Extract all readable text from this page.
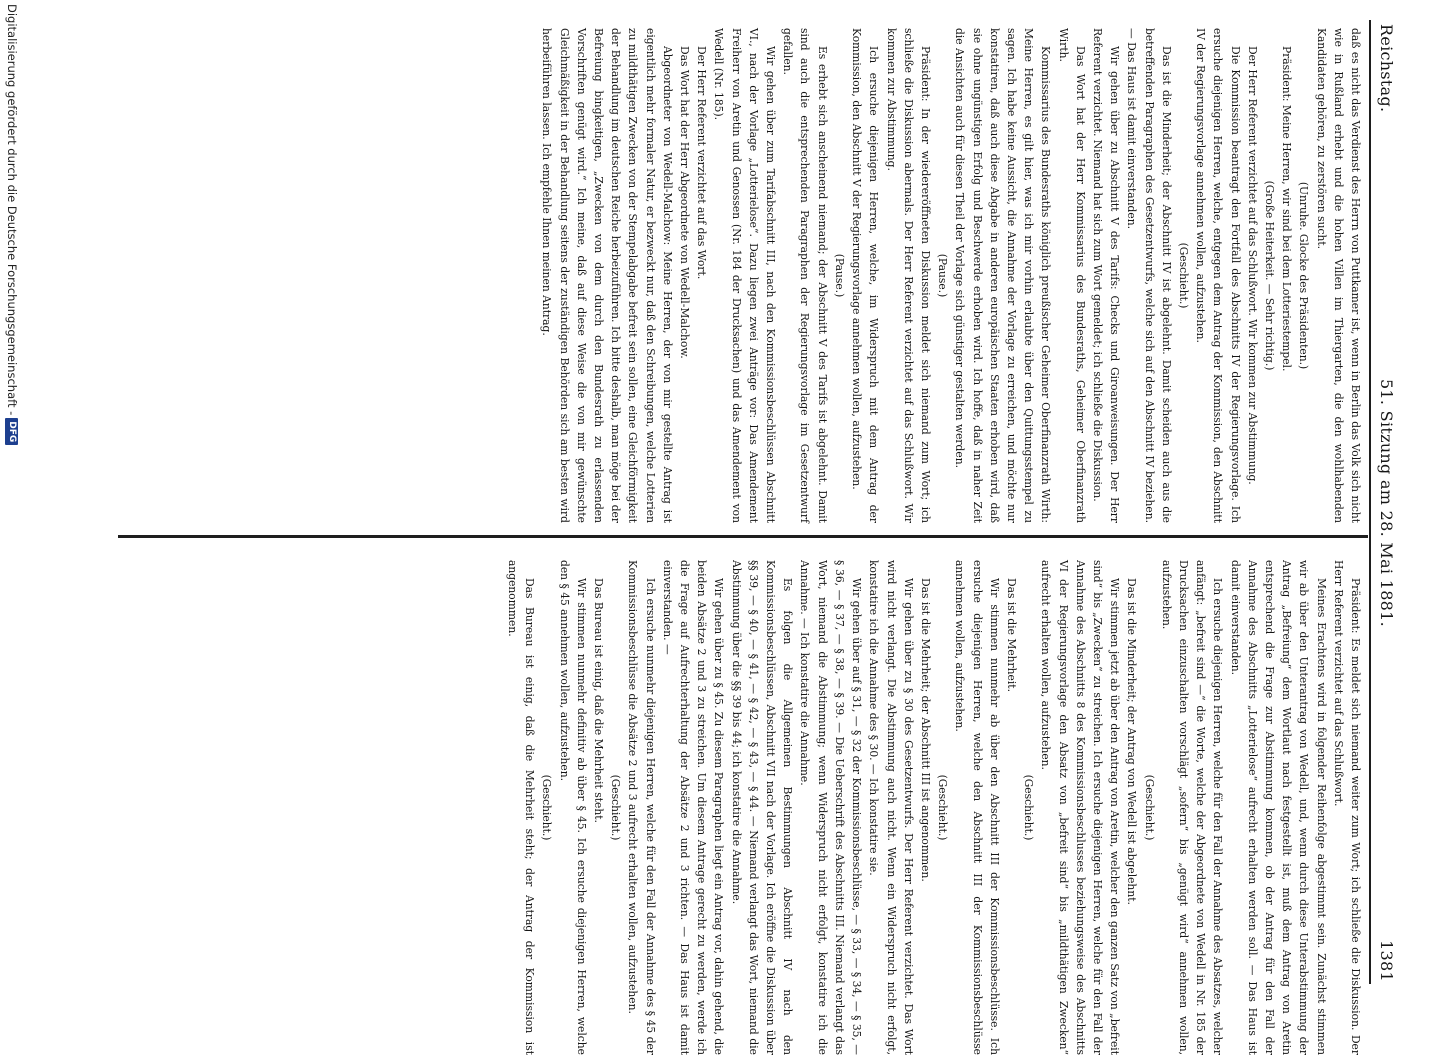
Reichstag.
51. Sitzung am 28. Mai 1881.
1381

daß es nicht das Verdienst des Herrn von Puttkamer ist, wenn in Berlin das Volk sich nicht wie in Rußland erhebt und die hohen Villen im Thiergarten, die den wohlhabenden Kandidaten gehören, zu zerstören sucht.

(Unruhe. Glocke des Präsidenten.)

Präsident: Meine Herren, wir sind bei dem Lotteriestempel.

(Große Heiterkeit. — Sehr richtig.)

Der Herr Referent verzichtet auf das Schlußwort. Wir kommen zur Abstimmung.

Die Kommission beantragt den Fortfall des Abschnitts IV der Regierungsvorlage. Ich ersuche diejenigen Herren, welche, entgegen dem Antrag der Kommission, den Abschnitt IV der Regierungsvorlage annehmen wollen, aufzustehen.

(Geschieht.)

Das ist die Minderheit; der Abschnitt IV ist abgelehnt. Damit scheiden auch aus die betreffenden Paragraphen des Gesetzentwurfs, welche sich auf den Abschnitt IV beziehen. — Das Haus ist damit einverstanden.

Wir gehen über zu Abschnitt V des Tarifs: Checks und Giroanweisungen. Der Herr Referent verzichtet. Niemand hat sich zum Wort gemeldet; ich schließe die Diskussion.

Das Wort hat der Herr Kommissarius des Bundesraths, Geheimer Oberfinanzrath Wirth.

Kommissarius des Bundesraths königlich preußischer Geheimer Oberfinanzrath Wirth: Meine Herren, es gilt hier, was ich mir vorhin erlaubte über den Quittungsstempel zu sagen. Ich habe keine Aussicht, die Annahme der Vorlage zu erreichen, und möchte nur konstatiren, daß auch diese Abgabe in anderen europäischen Staaten erhoben wird, daß sie ohne ungünstigen Erfolg und Beschwerde erhoben wird. Ich hoffe, daß in naher Zeit die Ansichten auch für diesen Theil der Vorlage sich günstiger gestalten werden.

(Pause.)

Präsident: In der wiedereröffneten Diskussion meldet sich niemand zum Wort; ich schließe die Diskussion abermals. Der Herr Referent verzichtet auf das Schlußwort. Wir kommen zur Abstimmung.

Ich ersuche diejenigen Herren, welche, im Widerspruch mit dem Antrag der Kommission, den Abschnitt V der Regierungsvorlage annehmen wollen, aufzustehen.

(Pause.)

Es erhebt sich anscheinend niemand; der Abschnitt V des Tarifs ist abgelehnt. Damit sind auch die entsprechenden Paragraphen der Regierungsvorlage im Gesetzentwurf gefallen.

Wir gehen über zum Tarifabschnitt III, nach den Kommissionsbeschlüssen Abschnitt VI., nach der Vorlage „Lotterielose“. Dazu liegen zwei Anträge vor: Das Amendement Freiherr von Aretin und Genossen (Nr. 184 der Drucksachen) und das Amendement von Wedell (Nr. 185).

Der Herr Referent verzichtet auf das Wort.

Das Wort hat der Herr Abgeordnete von Wedell-Malchow.

Abgeordneter von Wedell-Malchow: Meine Herren, der von mir gestellte Antrag ist eigentlich mehr formaler Natur, er bezweckt nur, daß den Schreibungen, welche Lotterien zu mildthätigen Zwecken von der Stempelabgabe befreit sein sollen, eine Gleichförmigkeit der Behandlung im deutschen Reiche herbeizuführen. Ich bitte deshalb, man möge bei der Befreiung bingkeitigen, „Zwecken von dem durch den Bundesrath zu erlassenden Vorschriften genügt wird.“ Ich meine, daß auf diese Weise die von mir gewünschte Gleichmäßigkeit in der Behandlung seitens der zuständigen Behörden sich am besten wird herbeiführen lassen. Ich empfehle Ihnen meinen Antrag.

Präsident: Es meldet sich niemand weiter zum Wort; ich schließe die Diskussion. Der Herr Referent verzichtet auf das Schlußwort.

Meines Erachtens wird in folgender Reihenfolge abgestimmt sein. Zunächst stimmen wir ab über den Unterantrag von Wedell, und, wenn durch diese Unterabstimmung der Antrag „Befreiung“ dem Wortlaut nach festgestellt ist, muß dem Antrag von Aretin entsprechend die Frage zur Abstimmung kommen, ob der Antrag für den Fall der Annahme des Abschnitts „Lotterielose“ aufrecht erhalten werden soll. — Das Haus ist damit einverstanden.

Ich ersuche diejenigen Herren, welche für den Fall der Annahme des Absatzes, welcher anfängt: „befreit sind —“ die Worte, welche der Abgeordnete von Wedell in Nr. 185 der Drucksachen einzuschalten vorschlägt „sofern“ bis „genügt wird“ annehmen wollen, aufzustehen.

(Geschieht.)

Das ist die Minderheit; der Antrag von Wedell ist abgelehnt.

Wir stimmen jetzt ab über den Antrag von Aretin, welcher den ganzen Satz von „befreit sind“ bis „Zwecken“ zu streichen. Ich ersuche diejenigen Herren, welche für den Fall der Annahme des Abschnitts 8 des Kommissionsbeschlusses beziehungsweise des Abschnitts VI der Regierungsvorlage den Absatz von „befreit sind“ bis „mildthätigen Zwecken“ aufrecht erhalten wollen, aufzustehen.

(Geschieht.)

Das ist die Mehrheit.

Wir stimmen nunmehr ab über den Abschnitt III der Kommissionsbeschlüsse. Ich ersuche diejenigen Herren, welche den Abschnitt III der Kommissionsbeschlüsse annehmen wollen, aufzustehen.

(Geschieht.)

Das ist die Mehrheit; der Abschnitt III ist angenommen.

Wir gehen über zu § 30 des Gesetzentwurfs. Der Herr Referent verzichtet. Das Wort wird nicht verlangt. Die Abstimmung auch nicht. Wenn ein Widerspruch nicht erfolgt, konstatire ich die Annahme des § 30. — Ich konstatire sie.

Wir gehen über auf § 31, — § 32 der Kommissionsbeschlüsse, — § 33, — § 34, — § 35, — § 36, — § 37, — § 38, — § 39. — Die Ueberschrift des Abschnitts III. Niemand verlangt das Wort, niemand die Abstimmung; wenn Widerspruch nicht erfolgt, konstatire ich die Annahme. — Ich konstatire die Annahme.

Es folgen die Allgemeinen Bestimmungen Abschnitt IV nach den Kommissionsbeschlüssen, Abschnitt VII nach der Vorlage. Ich eröffne die Diskussion über §§ 39, — § 40, — § 41, — § 42, — § 43, — § 44. — Niemand verlangt das Wort, niemand die Abstimmung über die §§ 39 bis 44; ich konstatire die Annahme.

Wir gehen über zu § 45. Zu diesem Paragraphen liegt ein Antrag vor, dahin gehend, die beiden Absätze 2 und 3 zu streichen. Um diesem Antrage gerecht zu werden, werde ich die Frage auf Aufrechterhaltung der Absätze 2 und 3 richten. — Das Haus ist damit einverstanden. —

Ich ersuche nunmehr diejenigen Herren, welche für den Fall der Annahme des § 45 der Kommissionsbeschlüsse die Absätze 2 und 3 aufrecht erhalten wollen, aufzustehen.

(Geschieht.)

Das Bureau ist einig, daß die Mehrheit steht.

Wir stimmen nunmehr definitiv ab über § 45. Ich ersuche diejenigen Herren, welche den § 45 annehmen wollen, aufzustehen.

(Geschieht.)

Das Bureau ist einig, daß die Mehrheit steht; der Antrag der Kommission ist angenommen.

Digitalisierung gefördert durch die Deutsche Forschungsgemeinschaft -
DFG
